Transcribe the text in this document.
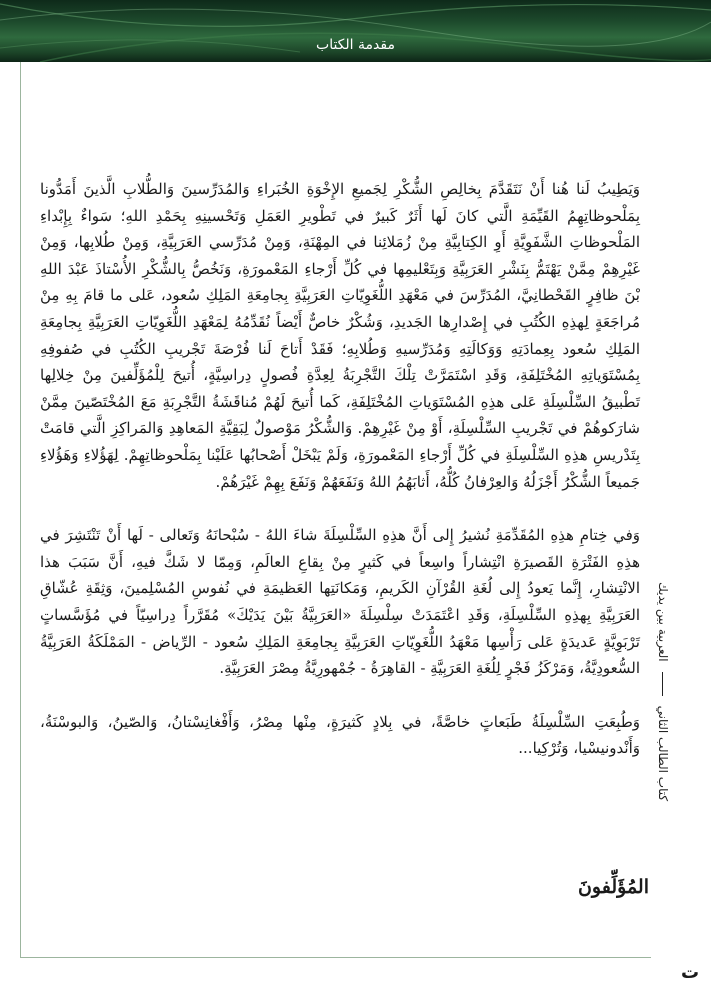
مقدمة الكتاب

وَيَطِيبُ لَنا هُنا أَنْ نَتَقَدَّمَ بِخالِصِ الشُّكْرِ لِجَميعِ الإِخْوَةِ الخُبَراءِ وَالمُدَرِّسينَ وَالطُّلابِ الَّذينَ أَمَدُّونا بِمَلْحوظاتِهِمُ القَيِّمَةِ الَّتي كانَ لَها أَثَرٌ كَبيرٌ في تَطْويرِ العَمَلِ وَتَحْسينِهِ بِحَمْدِ اللهِ؛ سَواءٌ بِإِبْداءِ المَلْحوظاتِ الشَّفَوِيَّةِ أَوِ الكِتابِيَّةِ مِنْ زُمَلائِنا في المِهْنَةِ، وَمِنْ مُدَرِّسي العَرَبِيَّةِ، وَمِنْ طُلابِها، وَمِنْ غَيْرِهِمْ مِمَّنْ يَهْتَمُّ بِنَشْرِ العَرَبِيَّةِ وَبِتَعْليمِها في كُلِّ أَرْجاءِ المَعْمورَةِ، وَنَخُصُّ بِالشُّكْرِ الأُسْتاذَ عَبْدَ اللهِ بْنَ ظافِرٍ القَحْطانِيَّ، المُدَرِّسَ في مَعْهَدِ اللُّغَوِيّاتِ العَرَبِيَّةِ بِجامِعَةِ المَلِكِ سُعود، عَلى ما قامَ بِهِ مِنْ مُراجَعَةٍ لِهذِهِ الكُتُبِ في إِصْدارِها الجَديدِ، وَشُكْرٌ خاصٌّ أَيْضاً نُقَدِّمُهُ لِمَعْهَدِ اللُّغَوِيّاتِ العَرَبِيَّةِ بِجامِعَةِ المَلِكِ سُعود بِعِمادَتِهِ وَوَكالَتِهِ وَمُدَرِّسيهِ وَطُلابِهِ؛ فَقَدْ أَتاحَ لَنا فُرْصَةَ تَجْريبِ الكُتُبِ في صُفوفِهِ بِمُسْتَوَياتِهِ المُخْتَلِفَةِ، وَقَدِ اسْتَمَرَّتْ تِلْكَ التَّجْرِبَةُ لِعِدَّةِ فُصولٍ دِراسِيَّةٍ، أُتيحَ لِلْمُؤَلِّفينَ مِنْ خِلالِها تَطْبيقُ السِّلْسِلَةِ عَلى هذِهِ المُسْتَوَياتِ المُخْتَلِفَةِ، كَما أُتيحَ لَهُمْ مُناقَشَةُ التَّجْرِبَةِ مَعَ المُخْتَصّينَ مِمَّنْ شارَكوهُمْ في تَجْريبِ السِّلْسِلَةِ، أَوْ مِنْ غَيْرِهِمْ. وَالشُّكْرُ مَوْصولٌ لِبَقِيَّةِ المَعاهِدِ وَالمَراكِزِ الَّتي قامَتْ بِتَدْريسِ هذِهِ السِّلْسِلَةِ في كُلِّ أَرْجاءِ المَعْمورَةِ، وَلَمْ يَبْخَلْ أَصْحابُها عَلَيْنا بِمَلْحوظاتِهِمْ. لِهَؤُلاءِ وَهَؤُلاءِ جَميعاً الشُّكْرُ أَجْزَلُهُ وَالعِرْفانُ كُلُّهُ، أَثابَهُمُ اللهُ وَنَفَعَهُمْ وَنَفَعَ بِهِمْ غَيْرَهُمْ.

وَفي خِتامِ هذِهِ المُقَدِّمَةِ نُشيرُ إِلى أَنَّ هذِهِ السِّلْسِلَةَ شاءَ اللهُ - سُبْحانَهُ وَتَعالى - لَها أَنْ تَنْتَشِرَ في هذِهِ الفَتْرَةِ القَصيرَةِ انْتِشاراً واسِعاً في كَثيرٍ مِنْ بِقاعِ العالَمِ، وَمِمّا لا شَكَّ فيهِ، أَنَّ سَبَبَ هذا الانْتِشارِ، إِنَّما يَعودُ إِلى لُغَةِ القُرْآنِ الكَريمِ، وَمَكانَتِها العَظيمَةِ في نُفوسِ المُسْلِمينَ، وَثِقَةِ عُشّاقِ العَرَبِيَّةِ بِهذِهِ السِّلْسِلَةِ، وَقَدِ اعْتَمَدَتْ سِلْسِلَةَ «العَرَبِيَّةُ بَيْنَ يَدَيْكَ» مُقَرَّراً دِراسِيّاً في مُؤَسَّساتٍ تَرْبَوِيَّةٍ عَديدَةٍ عَلى رَأْسِها مَعْهَدُ اللُّغَوِيّاتِ العَرَبِيَّةِ بِجامِعَةِ المَلِكِ سُعود - الرِّياض - المَمْلَكَةُ العَرَبِيَّةُ السُّعودِيَّةُ، وَمَرْكَزُ فَجْرٍ لِلُغَةِ العَرَبِيَّةِ - القاهِرَةُ - جُمْهورِيَّةُ مِصْرَ العَرَبِيَّةِ.

وَطُبِعَتِ السِّلْسِلَةُ طَبَعاتٍ خاصَّةً، في بِلادٍ كَثيرَةٍ، مِنْها مِصْرُ، وَأَفْغانِسْتانُ، وَالصّينُ، وَالبوسْنَةُ، وَأَنْدونيسْيا، وَتُرْكِيا...

المُؤَلِّفونَ
كتاب الطالب الثانيالعربية بين يديك
ت
